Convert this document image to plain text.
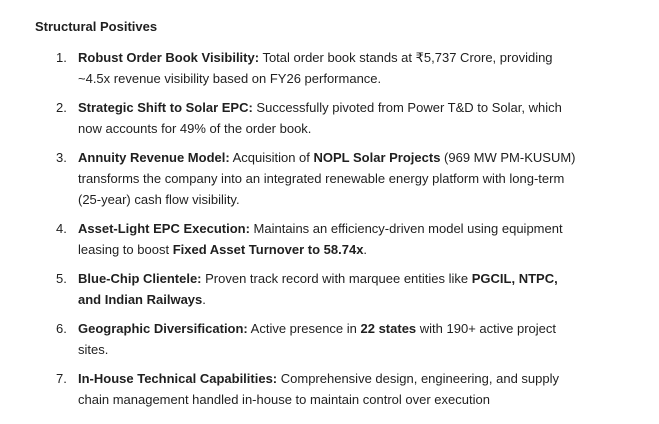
Structural Positives
1. Robust Order Book Visibility: Total order book stands at ₹5,737 Crore, providing ~4.5x revenue visibility based on FY26 performance.
2. Strategic Shift to Solar EPC: Successfully pivoted from Power T&D to Solar, which now accounts for 49% of the order book.
3. Annuity Revenue Model: Acquisition of NOPL Solar Projects (969 MW PM-KUSUM) transforms the company into an integrated renewable energy platform with long-term (25-year) cash flow visibility.
4. Asset-Light EPC Execution: Maintains an efficiency-driven model using equipment leasing to boost Fixed Asset Turnover to 58.74x.
5. Blue-Chip Clientele: Proven track record with marquee entities like PGCIL, NTPC, and Indian Railways.
6. Geographic Diversification: Active presence in 22 states with 190+ active project sites.
7. In-House Technical Capabilities: Comprehensive design, engineering, and supply chain management handled in-house to maintain control over execution
